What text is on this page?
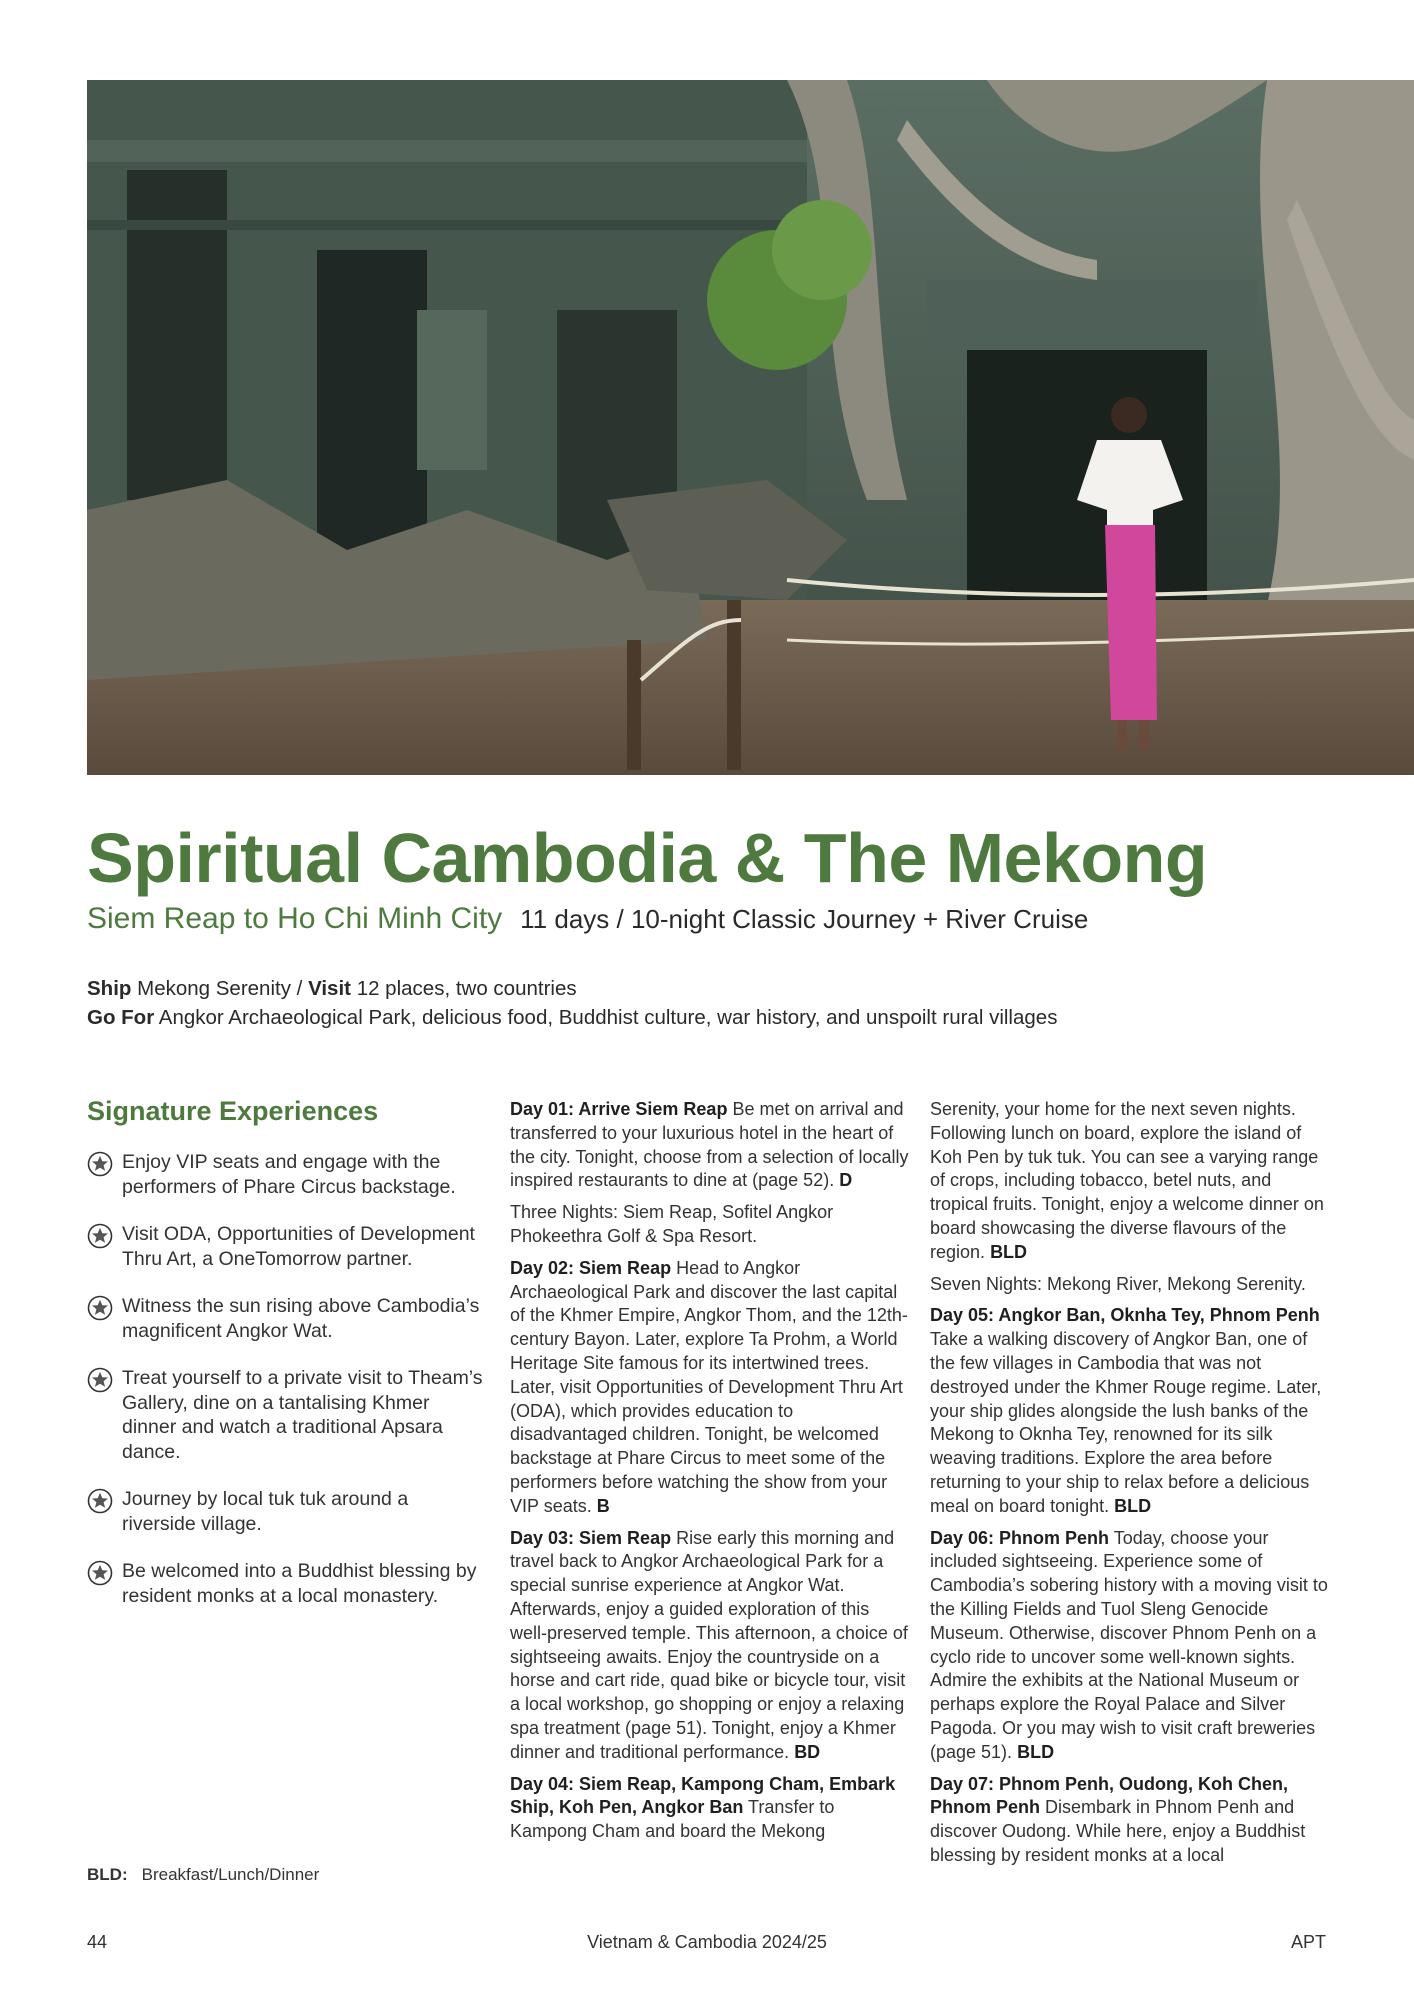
Spiritual Cambodia & The Mekong
Siem Reap to Ho Chi Minh City 11 days / 10-night Classic Journey + River Cruise
Ship Mekong Serenity / Visit 12 places, two countries
Go For Angkor Archaeological Park, delicious food, Buddhist culture, war history, and unspoilt rural villages
Signature Experiences
Enjoy VIP seats and engage with the performers of Phare Circus backstage.
Visit ODA, Opportunities of Development Thru Art, a OneTomorrow partner.
Witness the sun rising above Cambodia’s magnificent Angkor Wat.
Treat yourself to a private visit to Theam’s Gallery, dine on a tantalising Khmer dinner and watch a traditional Apsara dance.
Journey by local tuk tuk around a riverside village.
Be welcomed into a Buddhist blessing by resident monks at a local monastery.

Day 01: Arrive Siem Reap Be met on arrival and transferred to your luxurious hotel in the heart of the city. Tonight, choose from a selection of locally inspired restaurants to dine at (page 52). D

Three Nights: Siem Reap, Sofitel Angkor Phokeethra Golf & Spa Resort.

Day 02: Siem Reap Head to Angkor Archaeological Park and discover the last capital of the Khmer Empire, Angkor Thom, and the 12th-century Bayon. Later, explore Ta Prohm, a World Heritage Site famous for its intertwined trees. Later, visit Opportunities of Development Thru Art (ODA), which provides education to disadvantaged children. Tonight, be welcomed backstage at Phare Circus to meet some of the performers before watching the show from your VIP seats. B

Day 03: Siem Reap Rise early this morning and travel back to Angkor Archaeological Park for a special sunrise experience at Angkor Wat. Afterwards, enjoy a guided exploration of this well-preserved temple. This afternoon, a choice of sightseeing awaits. Enjoy the countryside on a horse and cart ride, quad bike or bicycle tour, visit a local workshop, go shopping or enjoy a relaxing spa treatment (page 51). Tonight, enjoy a Khmer dinner and traditional performance. BD

Day 04: Siem Reap, Kampong Cham, Embark Ship, Koh Pen, Angkor Ban Transfer to Kampong Cham and board the Mekong

Serenity, your home for the next seven nights. Following lunch on board, explore the island of Koh Pen by tuk tuk. You can see a varying range of crops, including tobacco, betel nuts, and tropical fruits. Tonight, enjoy a welcome dinner on board showcasing the diverse flavours of the region. BLD

Seven Nights: Mekong River, Mekong Serenity.

Day 05: Angkor Ban, Oknha Tey, Phnom Penh Take a walking discovery of Angkor Ban, one of the few villages in Cambodia that was not destroyed under the Khmer Rouge regime. Later, your ship glides alongside the lush banks of the Mekong to Oknha Tey, renowned for its silk weaving traditions. Explore the area before returning to your ship to relax before a delicious meal on board tonight. BLD

Day 06: Phnom Penh Today, choose your included sightseeing. Experience some of Cambodia’s sobering history with a moving visit to the Killing Fields and Tuol Sleng Genocide Museum. Otherwise, discover Phnom Penh on a cyclo ride to uncover some well-known sights. Admire the exhibits at the National Museum or perhaps explore the Royal Palace and Silver Pagoda. Or you may wish to visit craft breweries (page 51). BLD

Day 07: Phnom Penh, Oudong, Koh Chen, Phnom Penh Disembark in Phnom Penh and discover Oudong. While here, enjoy a Buddhist blessing by resident monks at a local

BLD: Breakfast/Lunch/Dinner
44	Vietnam & Cambodia 2024/25	APT
